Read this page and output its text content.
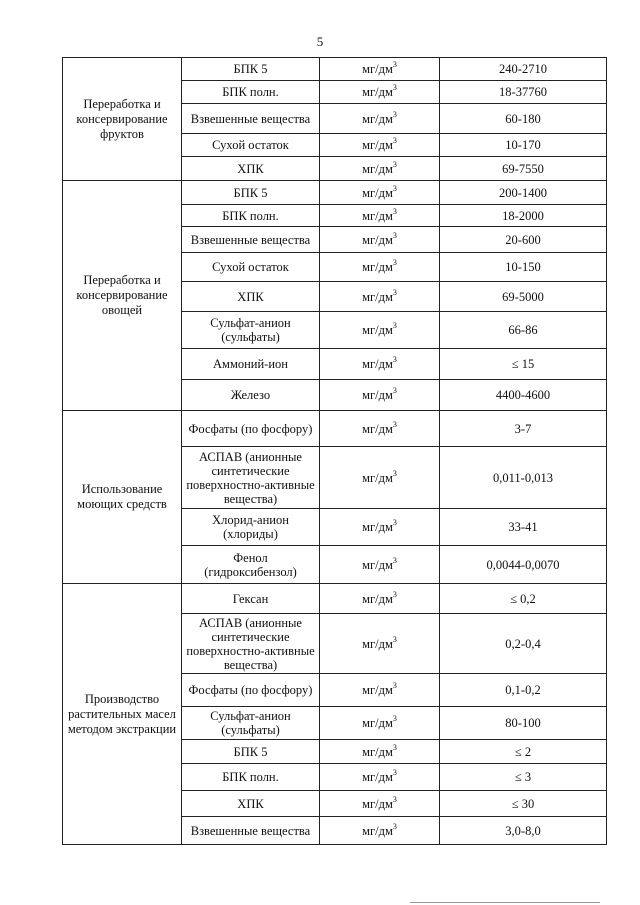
5
Переработка и консервирование фруктов	БПК 5	$мг/дм^3$	240-2710
	БПК полн.	$мг/дм^3$	18-37760
	Взвешенные вещества	$мг/дм^3$	60-180
	Сухой остаток	$мг/дм^3$	10-170
	ХПК	$мг/дм^3$	69-7550
Переработка и консервирование овощей	БПК 5	$мг/дм^3$	200-1400
	БПК полн.	$мг/дм^3$	18-2000
	Взвешенные вещества	$мг/дм^3$	20-600
	Сухой остаток	$мг/дм^3$	10-150
	ХПК	$мг/дм^3$	69-5000
	Сульфат-анион (сульфаты)	$мг/дм^3$	66-86
	Аммоний-ион	$мг/дм^3$	≤ 15
	Железо	$мг/дм^3$	4400-4600
Использование моющих средств	Фосфаты (по фосфору)	$мг/дм^3$	3-7
	АСПАВ (анионные синтетические поверхностно-активные вещества)	$мг/дм^3$	0,011-0,013
	Хлорид-анион (хлориды)	$мг/дм^3$	33-41
	Фенол (гидроксибензол)	$мг/дм^3$	0,0044-0,0070
Производство растительных масел методом экстракции	Гексан	$мг/дм^3$	≤ 0,2
	АСПАВ (анионные синтетические поверхностно-активные вещества)	$мг/дм^3$	0,2-0,4
	Фосфаты (по фосфору)	$мг/дм^3$	0,1-0,2
	Сульфат-анион (сульфаты)	$мг/дм^3$	80-100
	БПК 5	$мг/дм^3$	≤ 2
	БПК полн.	$мг/дм^3$	≤ 3
	ХПК	$мг/дм^3$	≤ 30
	Взвешенные вещества	$мг/дм^3$	3,0-8,0
